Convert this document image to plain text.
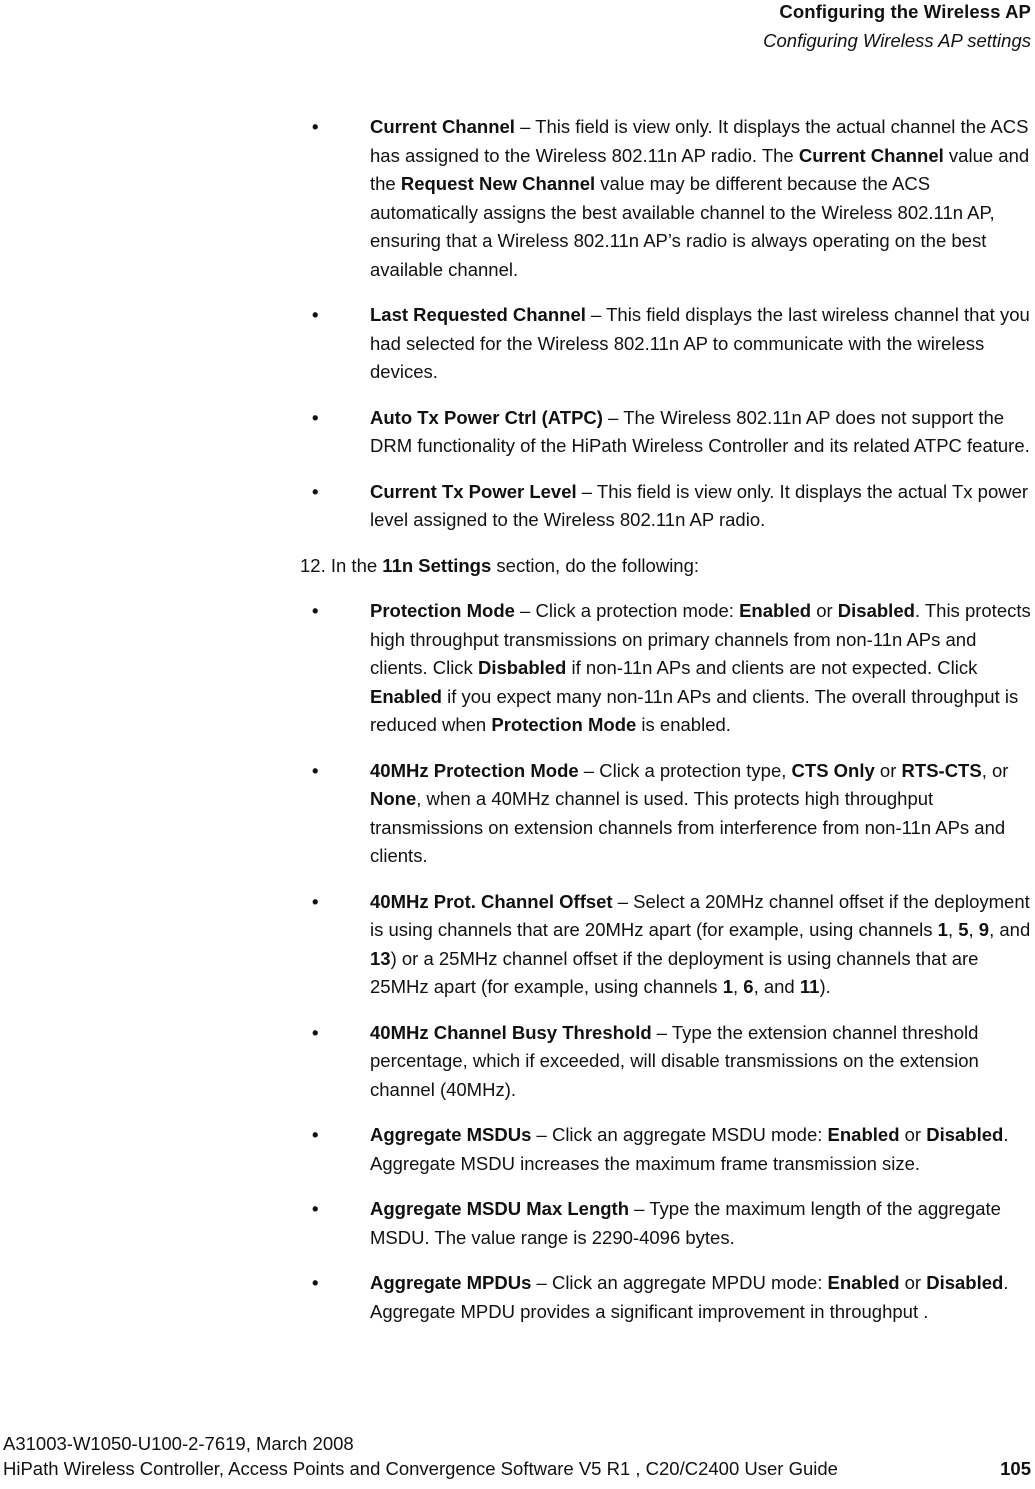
Configuring the Wireless AP
Configuring Wireless AP settings
•	Current Channel – This field is view only. It displays the actual channel the ACS has assigned to the Wireless 802.11n AP radio. The Current Channel value and the Request New Channel value may be different because the ACS automatically assigns the best available channel to the Wireless 802.11n AP, ensuring that a Wireless 802.11n AP’s radio is always operating on the best available channel.
•	Last Requested Channel – This field displays the last wireless channel that you had selected for the Wireless 802.11n AP to communicate with the wireless devices.
•	Auto Tx Power Ctrl (ATPC) – The Wireless 802.11n AP does not support the DRM functionality of the HiPath Wireless Controller and its related ATPC feature.
•	Current Tx Power Level – This field is view only. It displays the actual Tx power level assigned to the Wireless 802.11n AP radio.
12. In the 11n Settings section, do the following:
•	Protection Mode – Click a protection mode: Enabled or Disabled. This protects high throughput transmissions on primary channels from non-11n APs and clients. Click Disbabled if non-11n APs and clients are not expected. Click Enabled if you expect many non-11n APs and clients. The overall throughput is reduced when Protection Mode is enabled.
•	40MHz Protection Mode – Click a protection type, CTS Only or RTS-CTS, or None, when a 40MHz channel is used. This protects high throughput transmissions on extension channels from interference from non-11n APs and clients.
•	40MHz Prot. Channel Offset – Select a 20MHz channel offset if the deployment is using channels that are 20MHz apart (for example, using channels 1, 5, 9, and 13) or a 25MHz channel offset if the deployment is using channels that are 25MHz apart (for example, using channels 1, 6, and 11).
•	40MHz Channel Busy Threshold – Type the extension channel threshold percentage, which if exceeded, will disable transmissions on the extension channel (40MHz).
•	Aggregate MSDUs – Click an aggregate MSDU mode: Enabled or Disabled. Aggregate MSDU increases the maximum frame transmission size.
•	Aggregate MSDU Max Length – Type the maximum length of the aggregate MSDU. The value range is 2290-4096 bytes.
•	Aggregate MPDUs – Click an aggregate MPDU mode: Enabled or Disabled. Aggregate MPDU provides a significant improvement in throughput .
A31003-W1050-U100-2-7619, March 2008
HiPath Wireless Controller, Access Points and Convergence Software V5 R1 , C20/C2400 User Guide	105
